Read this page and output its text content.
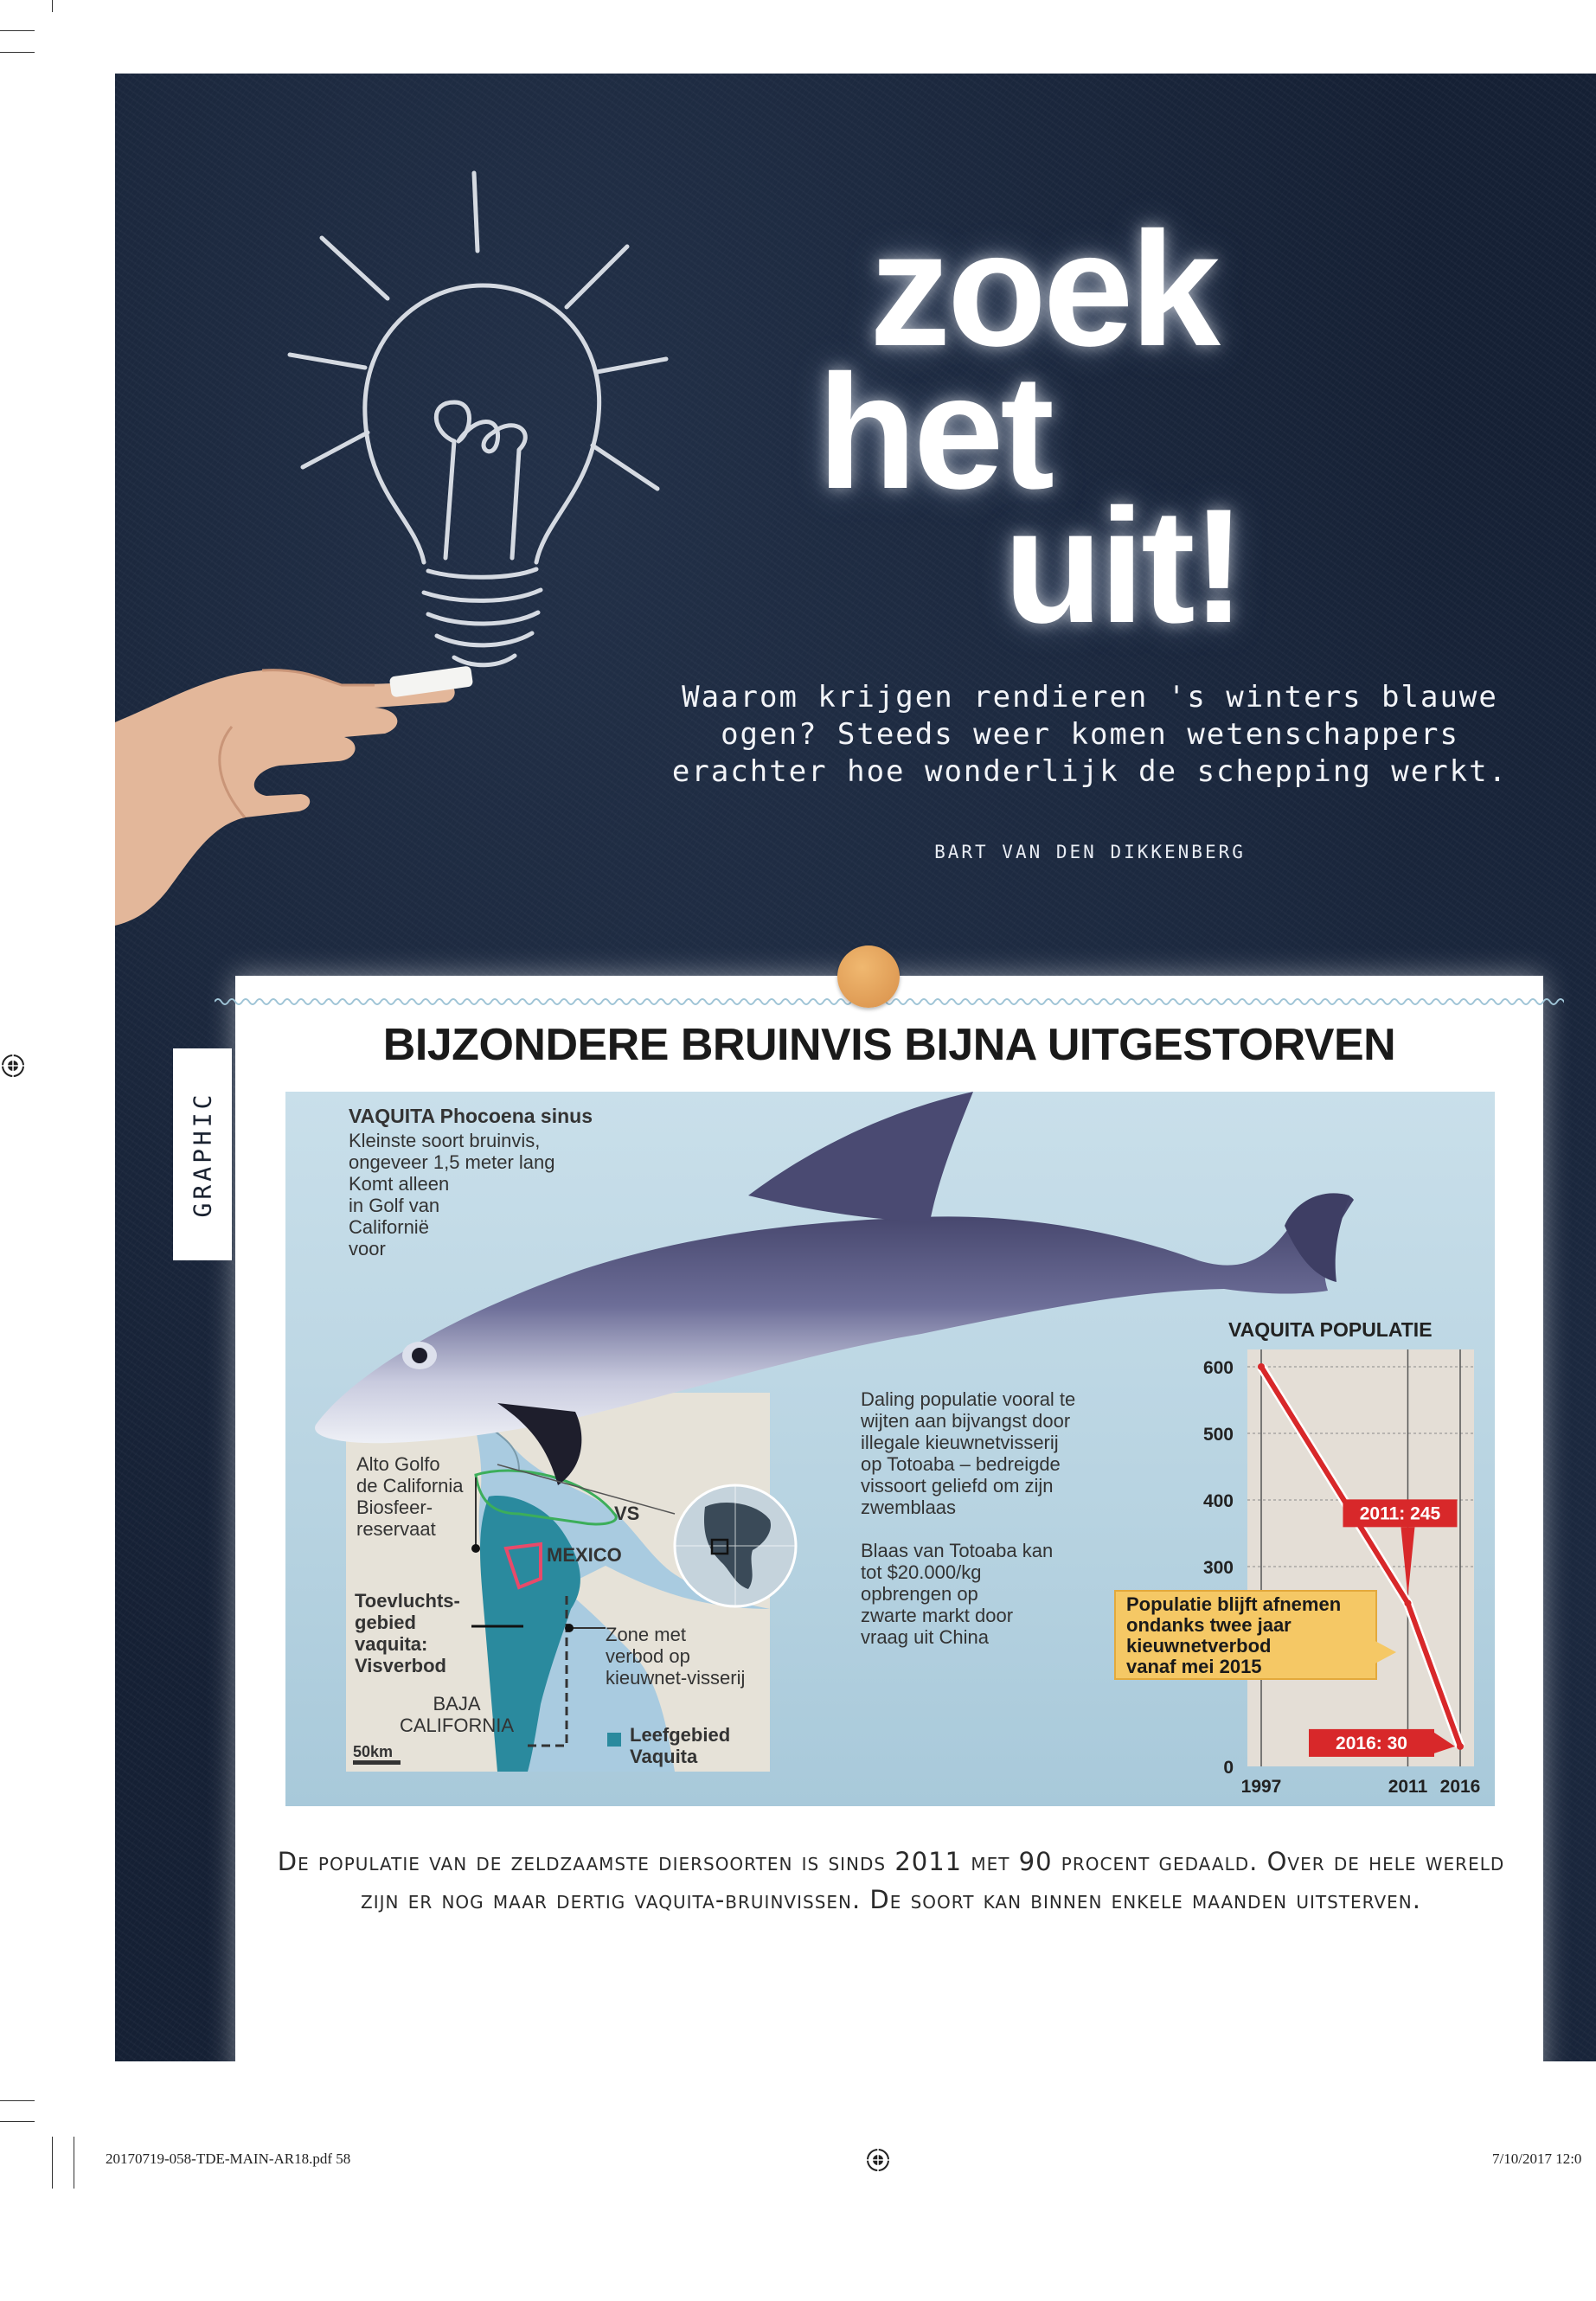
zoek
het
uit!
Waarom krijgen rendieren 's winters blauwe
ogen? Steeds weer komen wetenschappers
erachter hoe wonderlijk de schepping werkt.
BART VAN DEN DIKKENBERG
GRAPHIC
BIJZONDERE BRUINVIS BIJNA UITGESTORVEN
VAQUITA Phocoena sinus
Kleinste soort bruinvis,
ongeveer 1,5 meter lang
Komt alleen
in Golf van
Californië
voor
Alto Golfo
de California
Biosfeer-
reservaat
VS
MEXICO
Toevluchts-
gebied
vaquita:
Visverbod
Zone met
verbod op
kieuwnet-visserij
BAJA
CALIFORNIA
50km
Leefgebied
Vaquita
Daling populatie vooral te
wijten aan bijvangst door
illegale kieuwnetvisserij
op Totoaba – bedreigde
vissoort geliefd om zijn
zwemblaas
Blaas van Totoaba kan
tot $20.000/kg
opbrengen op
zwarte markt door
vraag uit China
VAQUITA POPULATIE
0
300
400
500
600
1997	2011 2016
2011: 245
2016: 30
Populatie blijft afnemen
ondanks twee jaar
kieuwnetverbod
vanaf mei 2015
De populatie van de zeldzaamste diersoorten is sinds 2011 met 90 procent gedaald. Over de hele wereld
zijn er nog maar dertig vaquita-bruinvissen. De soort kan binnen enkele maanden uitsterven.
20170719-058-TDE-MAIN-AR18.pdf 58	7/10/2017 12:0
